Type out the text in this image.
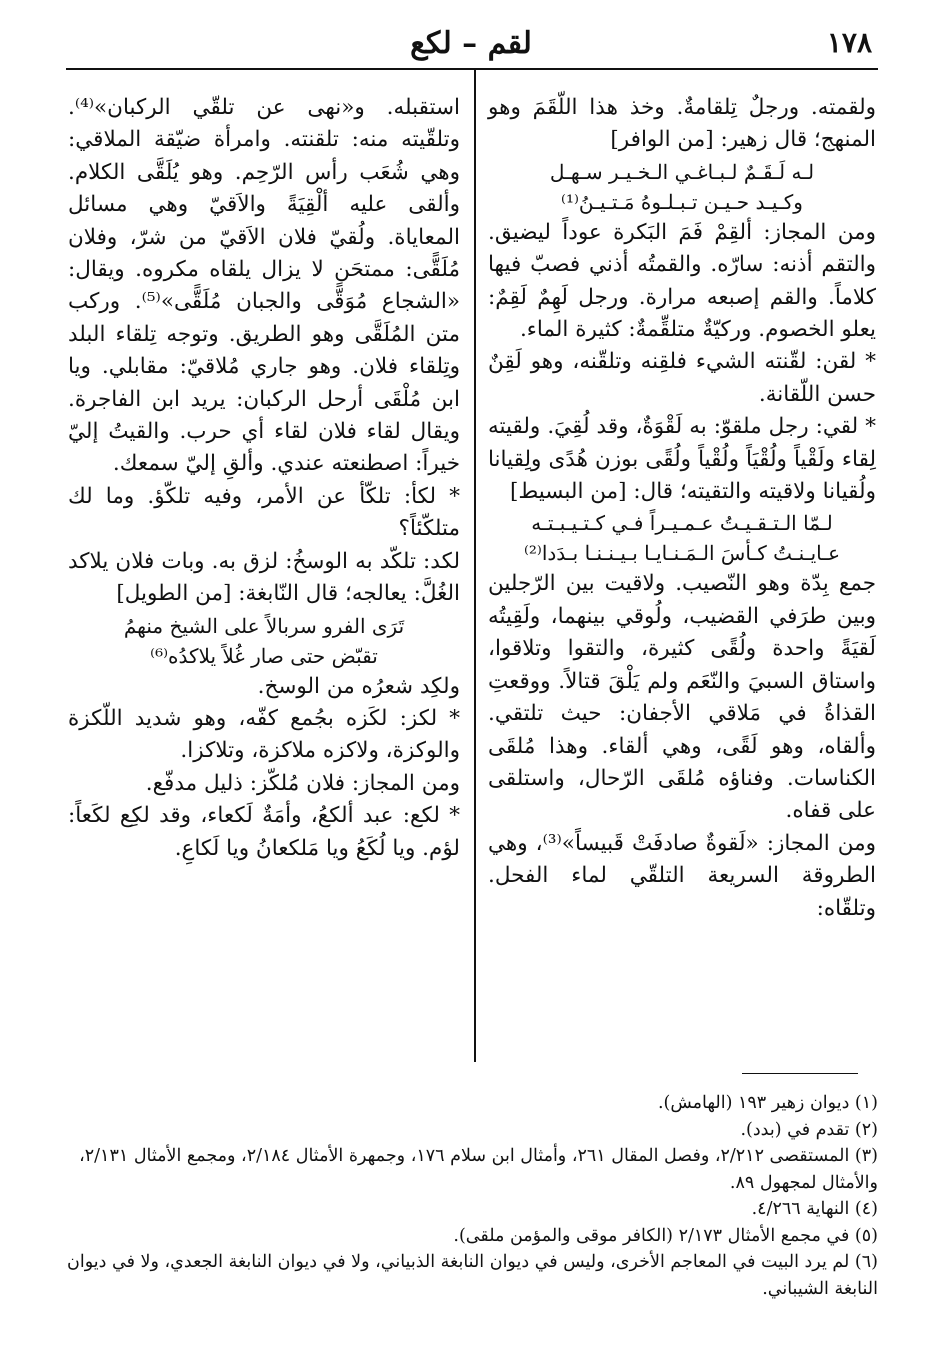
١٧٨
لقم – لكع

ولقمته. ورجلٌ تِلقامةٌ. وخذ هذا اللّقَمَ وهو المنهج؛ قال زهير: [من الوافر]

لـه لَـقَـمٌ لـبـاغـي الـخـيـر سـهـل

وكـيـد حـيـن تـبـلـوهُ مَـتـيـنُ⁽¹⁾

ومن المجاز: ألقِمْ فَمَ البَكرة عوداً ليضيق. والتقم أذنه: سارّه. والقمتُه أذني فصبّ فيها كلاماً. والقم إصبعه مرارة. ورجل لَهِمٌ لَقِمٌ: يعلو الخصوم. وركيّةٌ متلقِّمةٌ: كثيرة الماء.

* لقن: لقّنته الشيء فلقِنه وتلقّنه، وهو لَقِنٌ حسن اللّقانة.

* لقي: رجل ملقوّ: به لَقْوَةٌ، وقد لُقِيَ. ولقيته لِقاء ولَقْياً ولُقْيَاً ولُقْياً ولُقًى بوزن هُدًى ولِقيانا ولُقيانا ولاقيته والتقيته؛ قال: [من البسيط]

لـمّا الـتـقـيـتُ عـمـيـراً فـي كـتـيـبـتـه

عـايـنـتُ كـأسَ الـمَـنـايـا بـيـنـنـا بـدَدا⁽²⁾

جمع بِدّة وهو النّصيب. ولاقيت بين الرّجلين وبين طرَفي القضيب، ولُوقي بينهما، ولَقِيتُه لَقيَةً واحدة ولُقًى كثيرة، والتقوا وتلاقوا، واستاق السبيَ والنّعَم ولم يَلْقَ قتالاً. ووقعتِ القذاةُ في مَلاقي الأجفان: حيث تلتقي. وألقاه، وهو لَقًى، وهي ألقاء. وهذا مُلقَى الكناسات. وفناؤه مُلقَى الرّحال، واستلقى على قفاه.

ومن المجاز: «لَقوةٌ صادفَتْ قَبيساً»⁽³⁾، وهي الطروقة السريعة التلقّي لماء الفحل. وتلقّاه:

استقبله. و«نهى عن تلقّي الركبان»⁽⁴⁾. وتلقّيته منه: تلقنته. وامرأة ضيّقة الملاقي: وهي شُعَب رأس الرّحِم. وهو يُلَقَّى الكلام. وألقى عليه ألْقِيَةً والاَقيّ وهي مسائل المعاياة. ولُقيّ فلان الاَقيّ من شرّ، وفلان مُلَقًّى: ممتحَن لا يزال يلقاه مكروه. ويقال: «الشجاع مُوَقًّى والجبان مُلَقًّى»⁽⁵⁾. وركب متن المُلَقَّى وهو الطريق. وتوجه تِلقاء البلد وتِلقاء فلان. وهو جاري مُلاقيّ: مقابلي. ويا ابن مُلْقَى أرحل الركبان: يريد ابن الفاجرة. ويقال لقاء فلان لقاء أي حرب. والقيتُ إليّ خيراً: اصطنعته عندي. وألقِ إليّ سمعك.

* لكأ: تلكّأ عن الأمر، وفيه تلكّؤ. وما لك متلكّئاً؟

لكد: تلكّد به الوسخُ: لزق به. وبات فلان يلاكد الغُلَّ: يعالجه؛ قال النّابغة: [من الطويل]

تَرَى الفرو سربالاً على الشيخ منهمُ

تقبّض حتى صار غُلاً يلاكدُه⁽⁶⁾

ولكِد شعرُه من الوسخ.

* لكز: لكَزه بجُمع كفّه، وهو شديد اللّكزة والوكزة، ولاكزه ملاكزة، وتلاكزا.

ومن المجاز: فلان مُلكّز: ذليل مدفّع.

* لكع: عبد ألكعُ، وأمَةٌ لَكعاء، وقد لكِع لكَعاً: لؤم. ويا لُكَعُ ويا مَلكعانُ ويا لَكاعِ.

(١) ديوان زهير ١٩٣ (الهامش).

(٢) تقدم في (بدد).

(٣) المستقصى ٢/٢١٢، وفصل المقال ٢٦١، وأمثال ابن سلام ١٧٦، وجمهرة الأمثال ٢/١٨٤، ومجمع الأمثال ٢/١٣١، والأمثال لمجهول ٨٩.

(٤) النهاية ٤/٢٦٦.

(٥) في مجمع الأمثال ٢/١٧٣ (الكافر موقى والمؤمن ملقى).

(٦) لم يرد البيت في المعاجم الأخرى، وليس في ديوان النابغة الذبياني، ولا في ديوان النابغة الجعدي، ولا في ديوان النابغة الشيباني.
